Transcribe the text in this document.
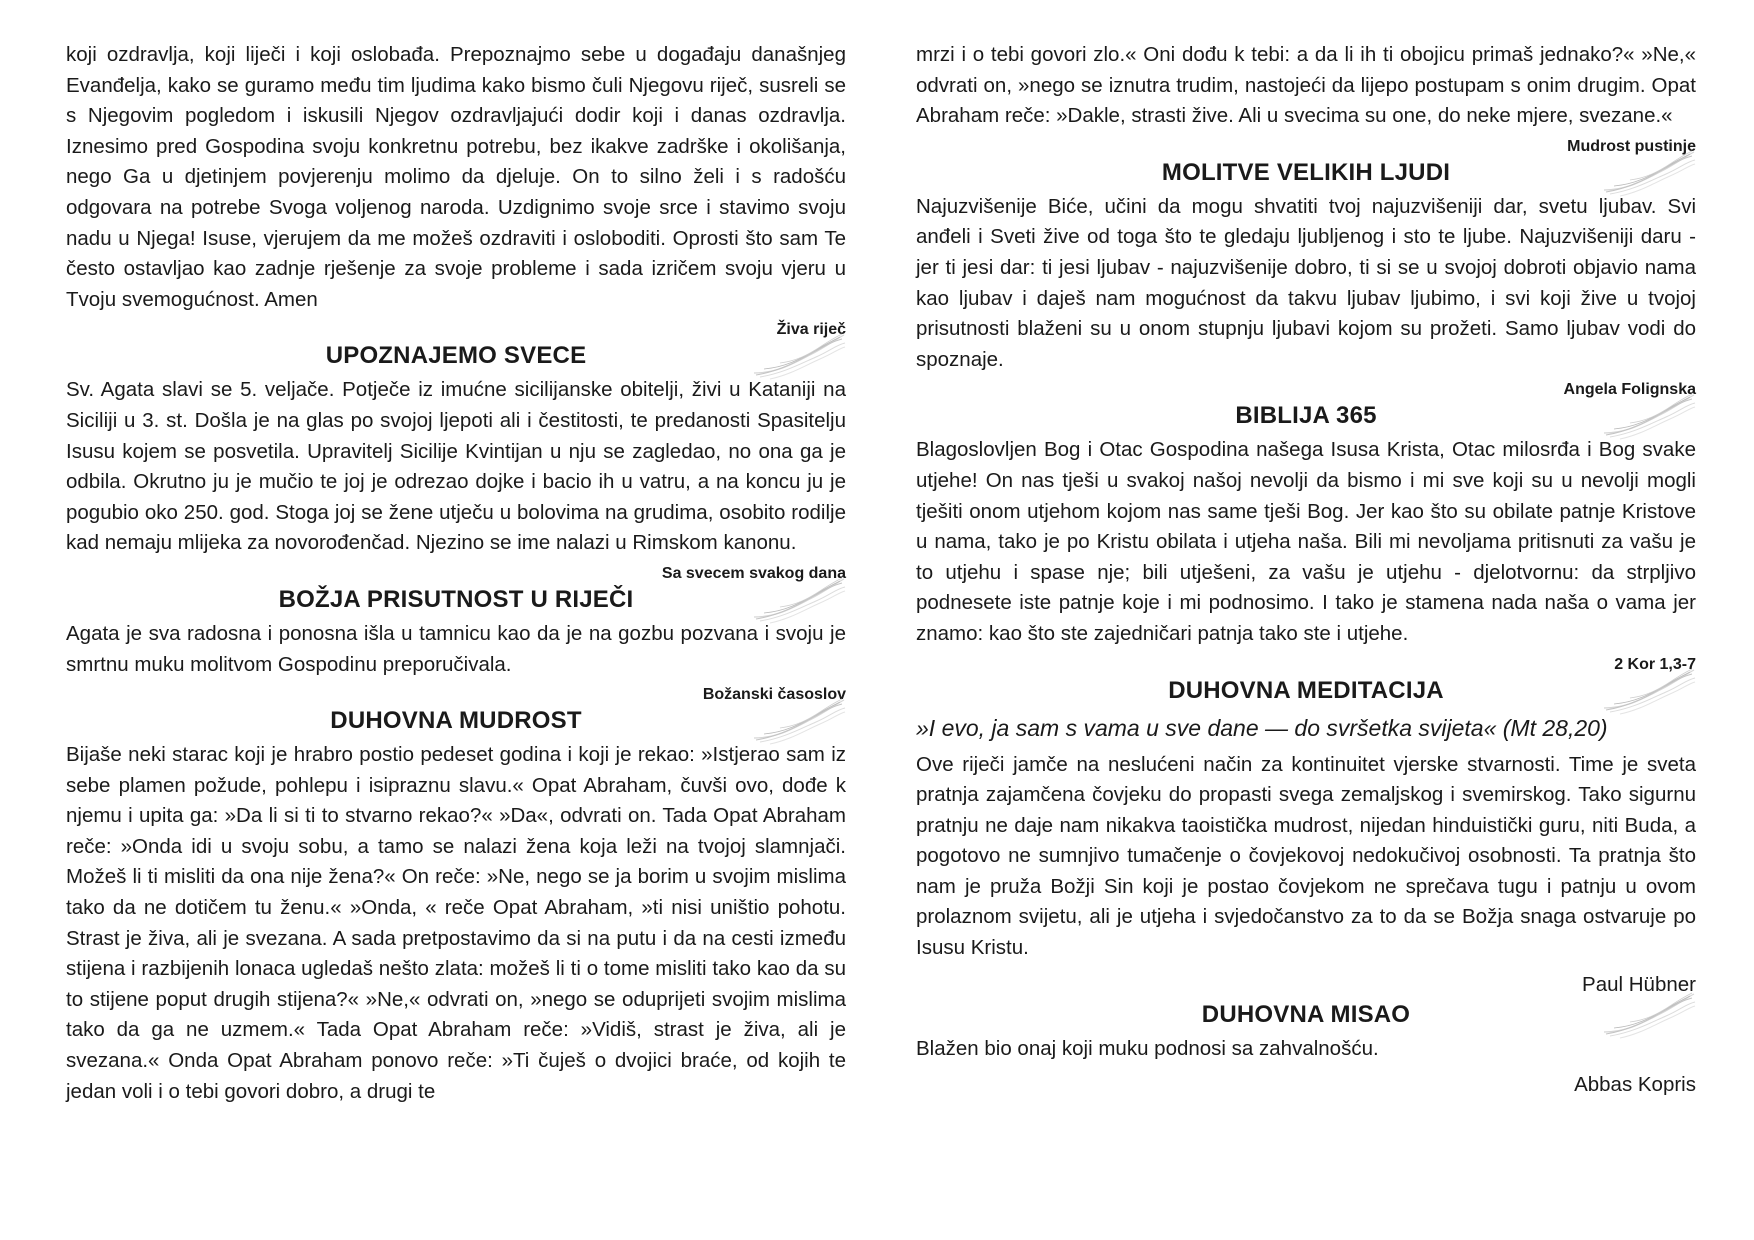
koji ozdravlja, koji liječi i koji oslobađa. Prepoznajmo sebe u događaju današnjeg Evanđelja, kako se guramo među tim ljudima kako bismo čuli Njegovu riječ, susreli se s Njegovim pogledom i iskusili Njegov ozdravljajući dodir koji i danas ozdravlja. Iznesimo pred Gospodina svoju konkretnu potrebu, bez ikakve zadrške i okolišanja, nego Ga u djetinjem povjerenju molimo da djeluje. On to silno želi i s radošću odgovara na potrebe Svoga voljenog naroda. Uzdignimo svoje srce i stavimo svoju nadu u Njega! Isuse, vjerujem da me možeš ozdraviti i osloboditi. Oprosti što sam Te često ostavljao kao zadnje rješenje za svoje probleme i sada izričem svoju vjeru u Tvoju svemogućnost. Amen

Živa riječ
UPOZNAJEMO SVECE

Sv. Agata slavi se 5. veljače. Potječe iz imućne sicilijanske obitelji, živi u Kataniji na Siciliji u 3. st. Došla je na glas po svojoj ljepoti ali i čestitosti, te predanosti Spasitelju Isusu kojem se posvetila. Upravitelj Sicilije Kvintijan u nju se zagledao, no ona ga je odbila. Okrutno ju je mučio te joj je odrezao dojke i bacio ih u vatru, a na koncu ju je pogubio oko 250. god. Stoga joj se žene utječu u bolovima na grudima, osobito rodilje kad nemaju mlijeka za novorođenčad. Njezino se ime nalazi u Rimskom kanonu.

Sa svecem svakog dana
BOŽJA PRISUTNOST U RIJEČI

Agata je sva radosna i ponosna išla u tamnicu kao da je na gozbu pozvana i svoju je smrtnu muku molitvom Gospodinu preporučivala.

Božanski časoslov
DUHOVNA MUDROST

Bijaše neki starac koji je hrabro postio pedeset godina i koji je rekao: »Istjerao sam iz sebe plamen požude, pohlepu i isipraznu slavu.« Opat Abraham, čuvši ovo, dođe k njemu i upita ga: »Da li si ti to stvarno rekao?« »Da«, odvrati on. Tada Opat Abraham reče: »Onda idi u svoju sobu, a tamo se nalazi žena koja leži na tvojoj slamnjači. Možeš li ti misliti da ona nije žena?« On reče: »Ne, nego se ja borim u svojim mislima tako da ne dotičem tu ženu.« »Onda, « reče Opat Abraham, »ti nisi uništio pohotu. Strast je živa, ali je svezana. A sada pretpostavimo da si na putu i da na cesti između stijena i razbijenih lonaca ugledaš nešto zlata: možeš li ti o tome misliti tako kao da su to stijene poput drugih stijena?« »Ne,« odvrati on, »nego se oduprijeti svojim mislima tako da ga ne uzmem.« Tada Opat Abraham reče: »Vidiš, strast je živa, ali je svezana.« Onda Opat Abraham ponovo reče: »Ti čuješ o dvojici braće, od kojih te jedan voli i o tebi govori dobro, a drugi te

mrzi i o tebi govori zlo.« Oni dođu k tebi: a da li ih ti obojicu primaš jednako?« »Ne,« odvrati on, »nego se iznutra trudim, nastojeći da lijepo postupam s onim drugim. Opat Abraham reče: »Dakle, strasti žive. Ali u svecima su one, do neke mjere, svezane.«

Mudrost pustinje
MOLITVE VELIKIH LJUDI

Najuzvišenije Biće, učini da mogu shvatiti tvoj najuzvišeniji dar, svetu ljubav. Svi anđeli i Sveti žive od toga što te gledaju ljubljenog i sto te ljube. Najuzvišeniji daru - jer ti jesi dar: ti jesi ljubav - najuzvišenije dobro, ti si se u svojoj dobroti objavio nama kao ljubav i daješ nam mogućnost da takvu ljubav ljubimo, i svi koji žive u tvojoj prisutnosti blaženi su u onom stupnju ljubavi kojom su prožeti. Samo ljubav vodi do spoznaje.

Angela Folignska
BIBLIJA 365

Blagoslovljen Bog i Otac Gospodina našega Isusa Krista, Otac milosrđa i Bog svake utjehe! On nas tješi u svakoj našoj nevolji da bismo i mi sve koji su u nevolji mogli tješiti onom utjehom kojom nas same tješi Bog. Jer kao što su obilate patnje Kristove u nama, tako je po Kristu obilata i utjeha naša. Bili mi nevoljama pritisnuti za vašu je to utjehu i spase nje; bili utješeni, za vašu je utjehu - djelotvornu: da strpljivo podnesete iste patnje koje i mi podnosimo. I tako je stamena nada naša o vama jer znamo: kao što ste zajedničari patnja tako ste i utjehe.

2 Kor 1,3-7
DUHOVNA MEDITACIJA
»I evo, ja sam s vama u sve dane — do svršetka svijeta« (Mt 28,20)

Ove riječi jamče na neslućeni način za kontinuitet vjerske stvarnosti. Time je sveta pratnja zajamčena čovjeku do propasti svega zemaljskog i svemirskog. Tako sigurnu pratnju ne daje nam nikakva taoistička mudrost, nijedan hinduistički guru, niti Buda, a pogotovo ne sumnjivo tumačenje o čovjekovoj nedokučivoj osobnosti. Ta pratnja što nam je pruža Božji Sin koji je postao čovjekom ne sprečava tugu i patnju u ovom prolaznom svijetu, ali je utjeha i svjedočanstvo za to da se Božja snaga ostvaruje po Isusu Kristu.

Paul Hübner
DUHOVNA MISAO

Blažen bio onaj koji muku podnosi sa zahvalnošću.

Abbas Kopris
